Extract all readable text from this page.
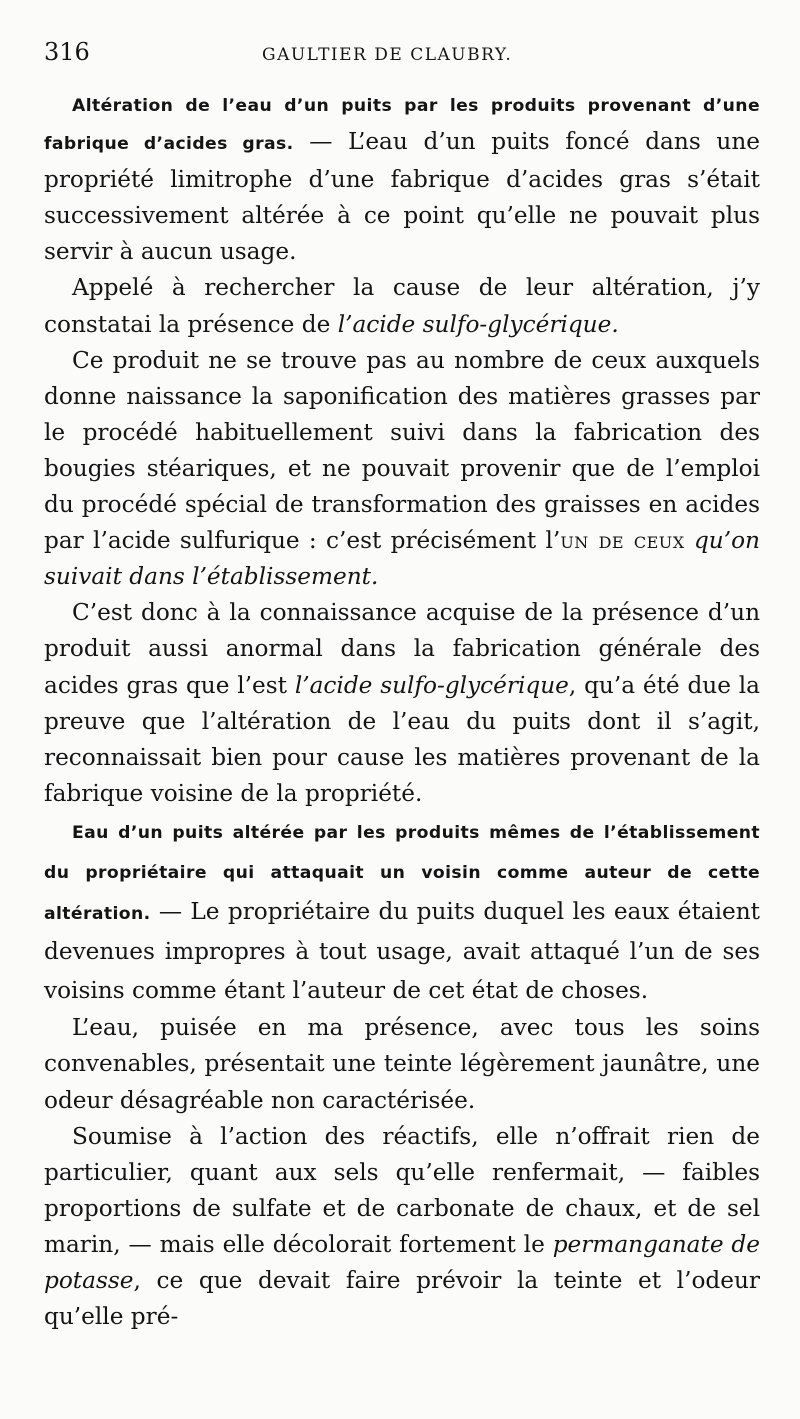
316	GAULTIER DE CLAUBRY.

Altération de l’eau d’un puits par les produits provenant d’une fabrique d’acides gras. — L’eau d’un puits foncé dans une propriété limitrophe d’une fabrique d’acides gras s’était successivement altérée à ce point qu’elle ne pouvait plus servir à aucun usage.

Appelé à rechercher la cause de leur altération, j’y constatai la présence de l’acide sulfo-glycérique.

Ce produit ne se trouve pas au nombre de ceux auxquels donne naissance la saponification des matières grasses par le procédé habituellement suivi dans la fabrication des bougies stéariques, et ne pouvait provenir que de l’emploi du procédé spécial de transformation des graisses en acides par l’acide sulfurique : c’est précisément l’un de ceux qu’on suivait dans l’établissement.

C’est donc à la connaissance acquise de la présence d’un produit aussi anormal dans la fabrication générale des acides gras que l’est l’acide sulfo-glycérique, qu’a été due la preuve que l’altération de l’eau du puits dont il s’agit, reconnaissait bien pour cause les matières provenant de la fabrique voisine de la propriété.

Eau d’un puits altérée par les produits mêmes de l’établissement du propriétaire qui attaquait un voisin comme auteur de cette altération. — Le propriétaire du puits duquel les eaux étaient devenues impropres à tout usage, avait attaqué l’un de ses voisins comme étant l’auteur de cet état de choses.

L’eau, puisée en ma présence, avec tous les soins convenables, présentait une teinte légèrement jaunâtre, une odeur désagréable non caractérisée.

Soumise à l’action des réactifs, elle n’offrait rien de particulier, quant aux sels qu’elle renfermait, — faibles proportions de sulfate et de carbonate de chaux, et de sel marin, — mais elle décolorait fortement le permanganate de potasse, ce que devait faire prévoir la teinte et l’odeur qu’elle pré-
